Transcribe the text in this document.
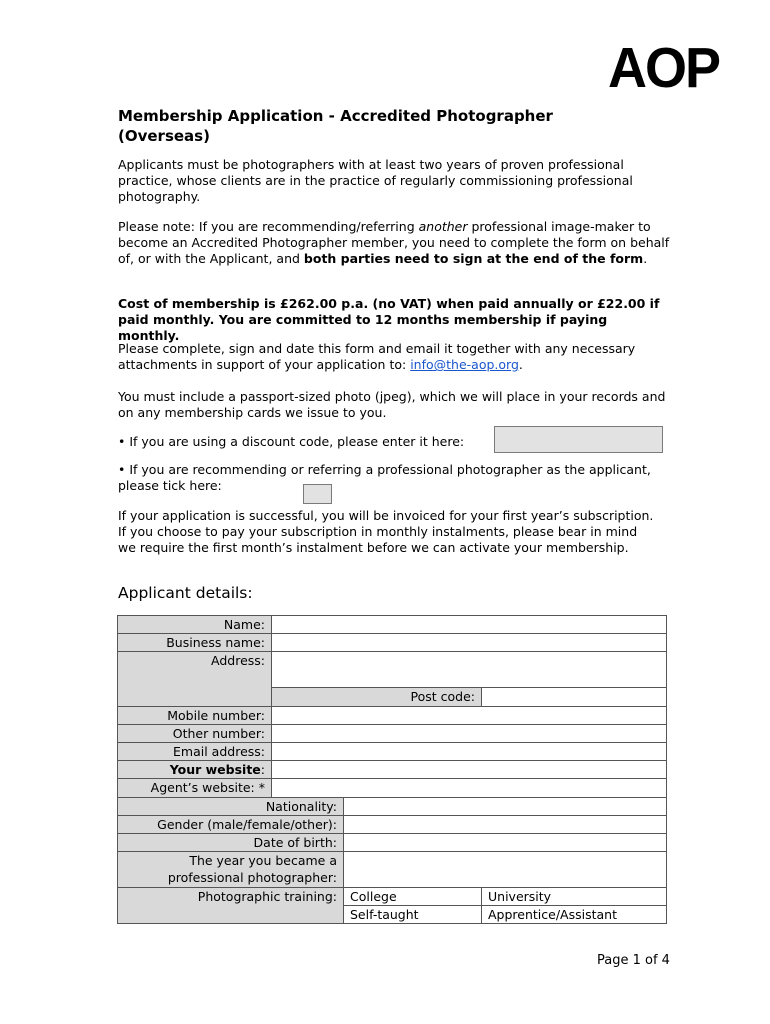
AOP
Membership Application - Accredited Photographer (Overseas)
Applicants must be photographers with at least two years of proven professional practice, whose clients are in the practice of regularly commissioning professional photography.
Please note: If you are recommending/referring another professional image-maker to become an Accredited Photographer member, you need to complete the form on behalf of, or with the Applicant, and both parties need to sign at the end of the form.
Cost of membership is £262.00 p.a. (no VAT) when paid annually or £22.00 if paid monthly. You are committed to 12 months membership if paying monthly.
Please complete, sign and date this form and email it together with any necessary attachments in support of your application to: info@the-aop.org.
You must include a passport-sized photo (jpeg), which we will place in your records and on any membership cards we issue to you.
• If you are using a discount code, please enter it here:
• If you are recommending or referring a professional photographer as the applicant, please tick here:
If your application is successful, you will be invoiced for your first year’s subscription. If you choose to pay your subscription in monthly instalments, please bear in mind we require the first month’s instalment before we can activate your membership.
Applicant details:
Name:			
Business name:			
Address:			
	Post code:		
Mobile number:			
Other number:			
Email address:			
Your website:			
Agent’s website: *			
Nationality:			
Gender (male/female/other):			
Date of birth:			
The year you became a
professional photographer:			
Photographic training:		College	University
		Self-taught	Apprentice/Assistant
Page 1 of 4
